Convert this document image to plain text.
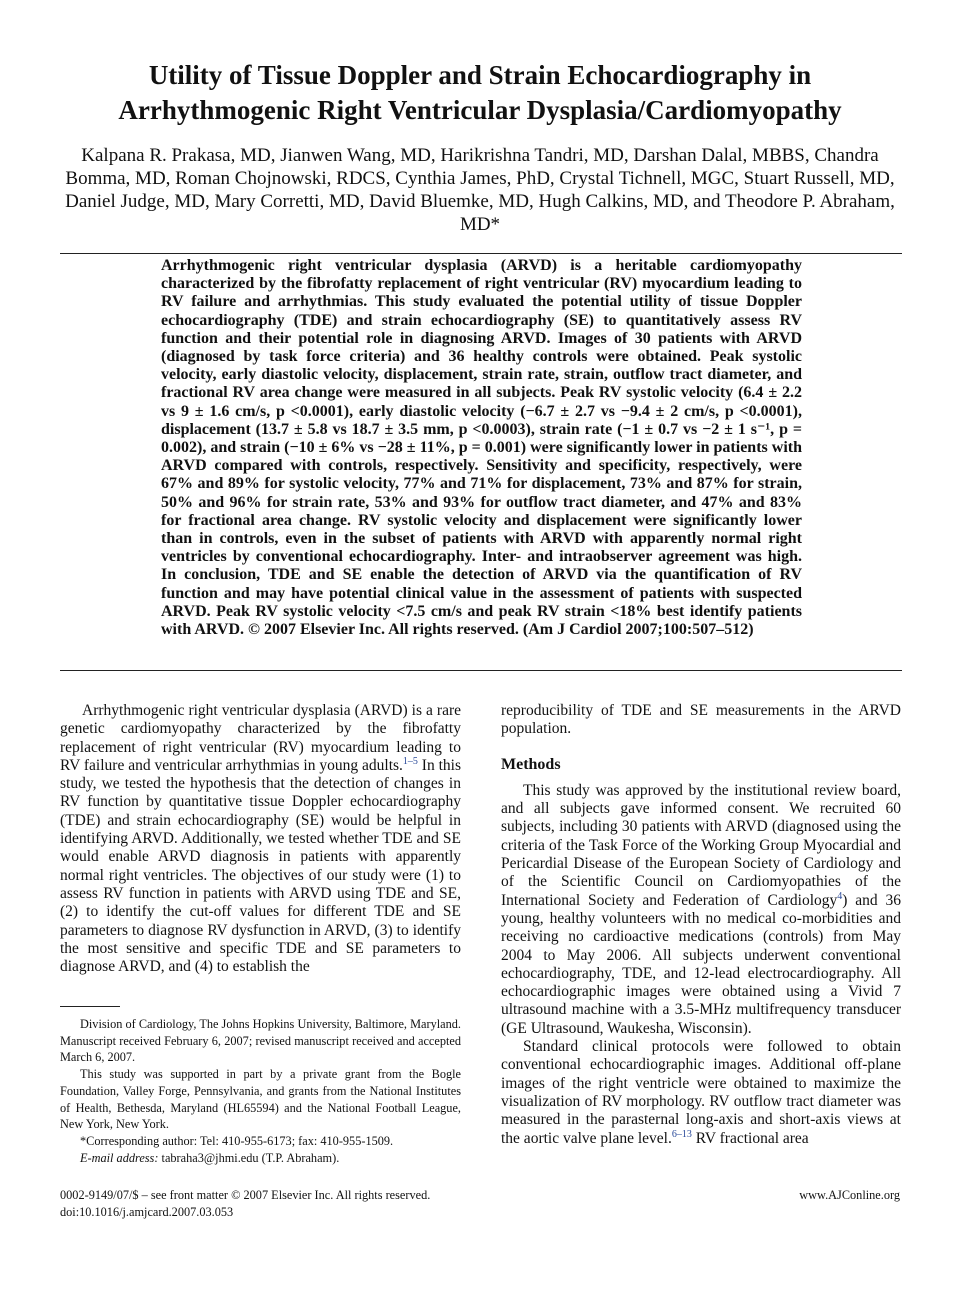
Utility of Tissue Doppler and Strain Echocardiography in Arrhythmogenic Right Ventricular Dysplasia/Cardiomyopathy
Kalpana R. Prakasa, MD, Jianwen Wang, MD, Harikrishna Tandri, MD, Darshan Dalal, MBBS, Chandra Bomma, MD, Roman Chojnowski, RDCS, Cynthia James, PhD, Crystal Tichnell, MGC, Stuart Russell, MD, Daniel Judge, MD, Mary Corretti, MD, David Bluemke, MD, Hugh Calkins, MD, and Theodore P. Abraham, MD*
Arrhythmogenic right ventricular dysplasia (ARVD) is a heritable cardiomyopathy characterized by the fibrofatty replacement of right ventricular (RV) myocardium leading to RV failure and arrhythmias. This study evaluated the potential utility of tissue Doppler echocardiography (TDE) and strain echocardiography (SE) to quantitatively assess RV function and their potential role in diagnosing ARVD. Images of 30 patients with ARVD (diagnosed by task force criteria) and 36 healthy controls were obtained. Peak systolic velocity, early diastolic velocity, displacement, strain rate, strain, outflow tract diameter, and fractional RV area change were measured in all subjects. Peak RV systolic velocity (6.4 ± 2.2 vs 9 ± 1.6 cm/s, p <0.0001), early diastolic velocity (−6.7 ± 2.7 vs −9.4 ± 2 cm/s, p <0.0001), displacement (13.7 ± 5.8 vs 18.7 ± 3.5 mm, p <0.0003), strain rate (−1 ± 0.7 vs −2 ± 1 s⁻¹, p = 0.002), and strain (−10 ± 6% vs −28 ± 11%, p = 0.001) were significantly lower in patients with ARVD compared with controls, respectively. Sensitivity and specificity, respectively, were 67% and 89% for systolic velocity, 77% and 71% for displacement, 73% and 87% for strain, 50% and 96% for strain rate, 53% and 93% for outflow tract diameter, and 47% and 83% for fractional area change. RV systolic velocity and displacement were significantly lower than in controls, even in the subset of patients with ARVD with apparently normal right ventricles by conventional echocardiography. Inter- and intraobserver agreement was high. In conclusion, TDE and SE enable the detection of ARVD via the quantification of RV function and may have potential clinical value in the assessment of patients with suspected ARVD. Peak RV systolic velocity <7.5 cm/s and peak RV strain <18% best identify patients with ARVD. © 2007 Elsevier Inc. All rights reserved. (Am J Cardiol 2007;100:507–512)

Arrhythmogenic right ventricular dysplasia (ARVD) is a rare genetic cardiomyopathy characterized by the fibrofatty replacement of right ventricular (RV) myocardium leading to RV failure and ventricular arrhythmias in young adults.$^{1-5}$ In this study, we tested the hypothesis that the detection of changes in RV function by quantitative tissue Doppler echocardiography (TDE) and strain echocardiography (SE) would be helpful in identifying ARVD. Additionally, we tested whether TDE and SE would enable ARVD diagnosis in patients with apparently normal right ventricles. The objectives of our study were (1) to assess RV function in patients with ARVD using TDE and SE, (2) to identify the cut-off values for different TDE and SE parameters to diagnose RV dysfunction in ARVD, (3) to identify the most sensitive and specific TDE and SE parameters to diagnose ARVD, and (4) to establish the

Division of Cardiology, The Johns Hopkins University, Baltimore, Maryland. Manuscript received February 6, 2007; revised manuscript received and accepted March 6, 2007.

This study was supported in part by a private grant from the Bogle Foundation, Valley Forge, Pennsylvania, and grants from the National Institutes of Health, Bethesda, Maryland (HL65594) and the National Football League, New York, New York.

*Corresponding author: Tel: 410-955-6173; fax: 410-955-1509.

E-mail address: tabraha3@jhmi.edu (T.P. Abraham).

reproducibility of TDE and SE measurements in the ARVD population.

Methods

This study was approved by the institutional review board, and all subjects gave informed consent. We recruited 60 subjects, including 30 patients with ARVD (diagnosed using the criteria of the Task Force of the Working Group Myocardial and Pericardial Disease of the European Society of Cardiology and of the Scientific Council on Cardiomyopathies of the International Society and Federation of Cardiology$^4$) and 36 young, healthy volunteers with no medical co-morbidities and receiving no cardioactive medications (controls) from May 2004 to May 2006. All subjects underwent conventional echocardiography, TDE, and 12-lead electrocardiography. All echocardiographic images were obtained using a Vivid 7 ultrasound machine with a 3.5-MHz multifrequency transducer (GE Ultrasound, Waukesha, Wisconsin).

Standard clinical protocols were followed to obtain conventional echocardiographic images. Additional off-plane images of the right ventricle were obtained to maximize the visualization of RV morphology. RV outflow tract diameter was measured in the parasternal long-axis and short-axis views at the aortic valve plane level.$^{6-13}$ RV fractional area

0002-9149/07/$ – see front matter © 2007 Elsevier Inc. All rights reserved.
doi:10.1016/j.amjcard.2007.03.053
www.AJConline.org
